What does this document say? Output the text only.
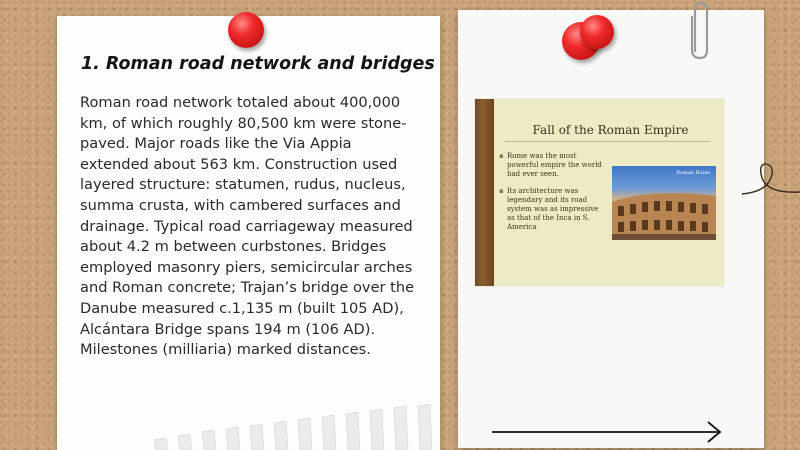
1. Roman road network and bridges

Roman road network totaled about 400,000 km, of which roughly 80,500 km were stone-paved. Major roads like the Via Appia extended about 563 km. Construction used layered structure: statumen, rudus, nucleus, summa crusta, with cambered surfaces and drainage. Typical road carriageway measured about 4.2 m between curbstones. Bridges employed masonry piers, semicircular arches and Roman concrete; Trajan’s bridge over the Danube measured c.1,135 m (built 105 AD), Alcántara Bridge spans 194 m (106 AD). Milestones (milliaria) marked distances.

Fall of the Roman Empire
▪ Rome was the most powerful empire the world had ever seen.
▪ Its architecture was legendary and its road system was as impressive as that of the Inca in S. America
Roman Ruins
